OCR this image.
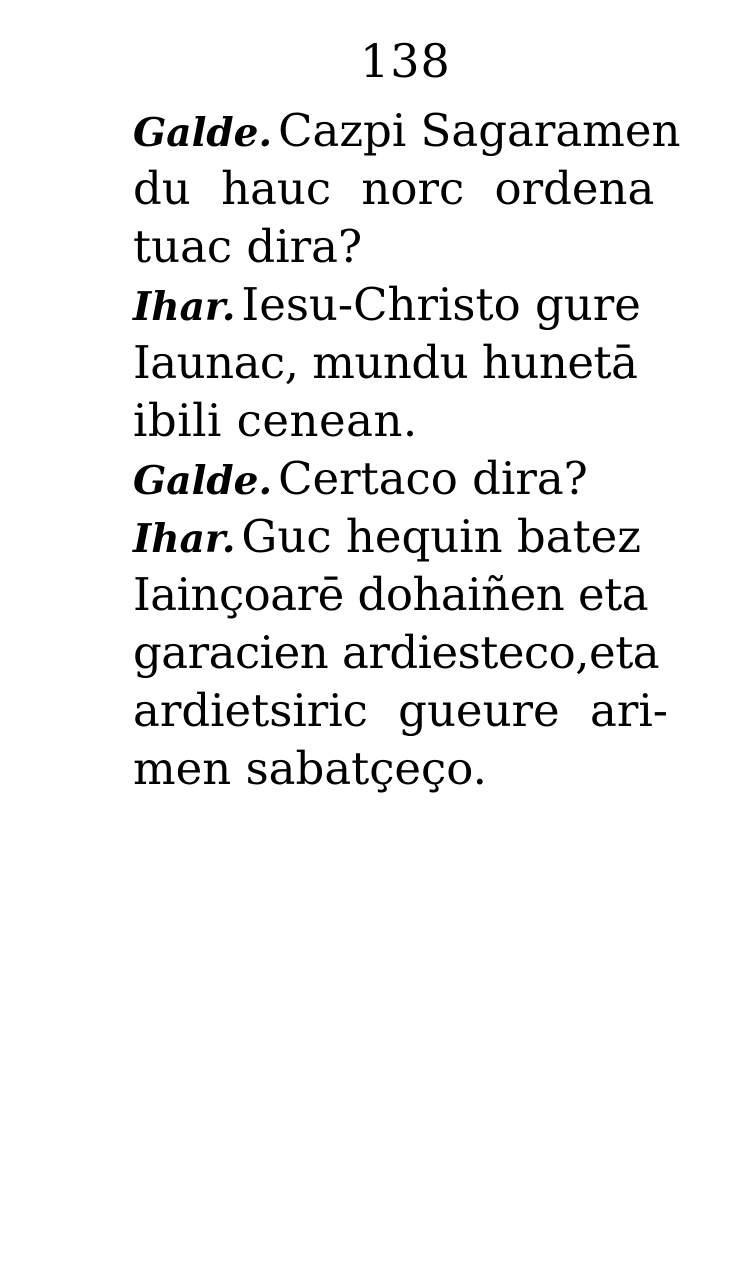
138
Galde. Cazpi Sagaramen
du hauc norc ordena
tuac dira?
Ihar. Iesu-Christo gure
Iaunac, mundu hunetā
ibili cenean.
Galde. Certaco dira?
Ihar. Guc hequin batez
Iainçoarē dohaiñen eta
garacien ardiesteco,eta
ardietsiric gueure ari-
men sabatçeço.
